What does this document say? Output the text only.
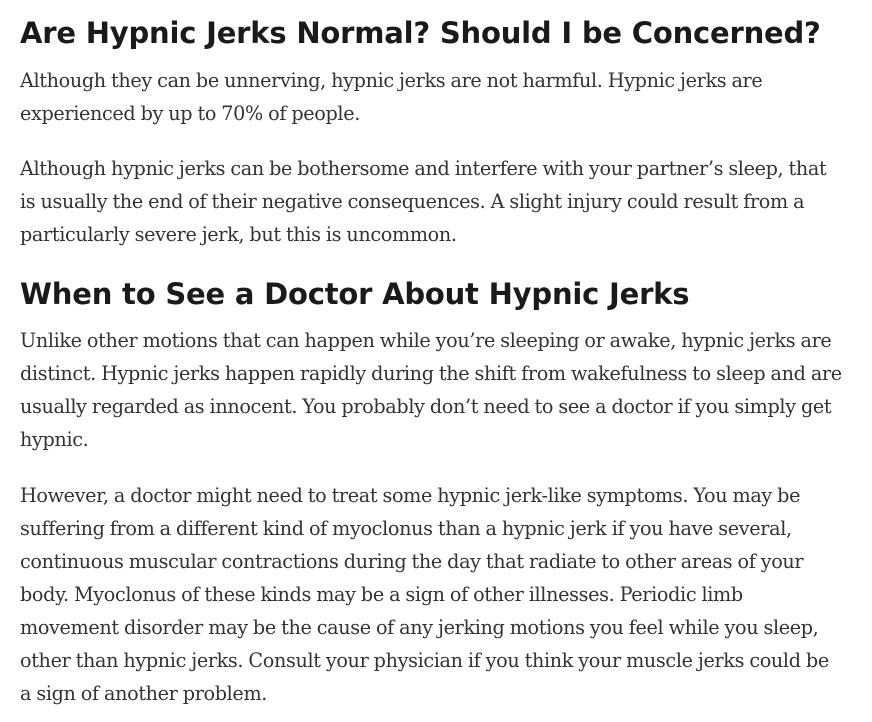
Are Hypnic Jerks Normal? Should I be Concerned?

Although they can be unnerving, hypnic jerks are not harmful. Hypnic jerks are
experienced by up to 70% of people.

Although hypnic jerks can be bothersome and interfere with your partner’s sleep, that
is usually the end of their negative consequences. A slight injury could result from a
particularly severe jerk, but this is uncommon.

When to See a Doctor About Hypnic Jerks

Unlike other motions that can happen while you’re sleeping or awake, hypnic jerks are
distinct. Hypnic jerks happen rapidly during the shift from wakefulness to sleep and are
usually regarded as innocent. You probably don’t need to see a doctor if you simply get
hypnic.

However, a doctor might need to treat some hypnic jerk-like symptoms. You may be
suffering from a different kind of myoclonus than a hypnic jerk if you have several,
continuous muscular contractions during the day that radiate to other areas of your
body. Myoclonus of these kinds may be a sign of other illnesses. Periodic limb
movement disorder may be the cause of any jerking motions you feel while you sleep,
other than hypnic jerks. Consult your physician if you think your muscle jerks could be
a sign of another problem.
